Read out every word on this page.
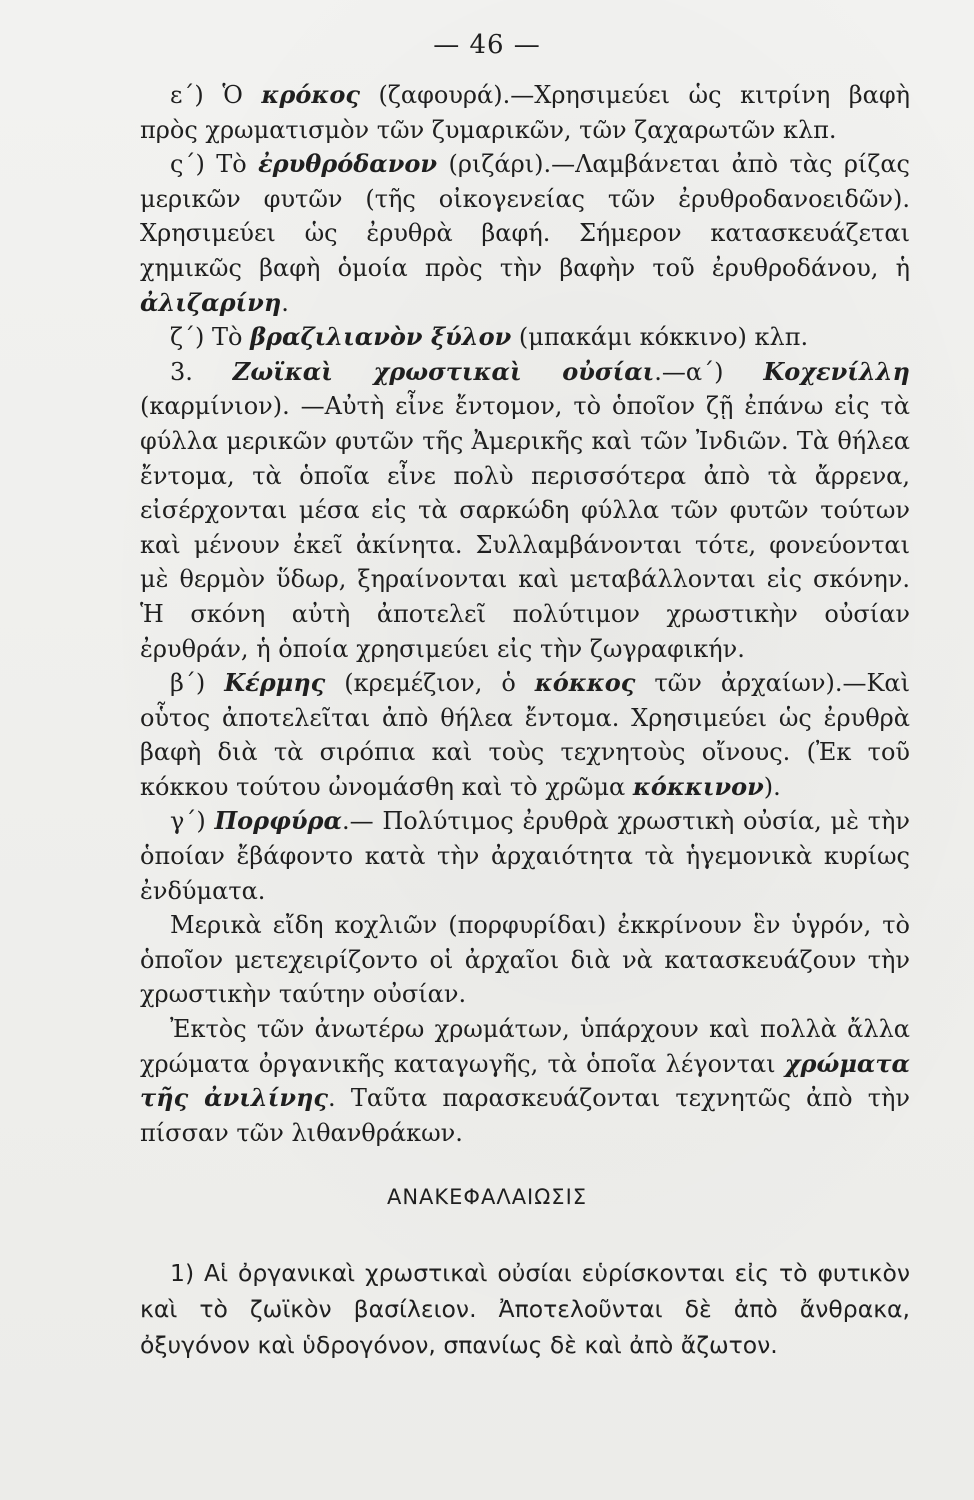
— 46 —

ε΄) Ὁ κρόκος (ζαφουρά).—Χρησιμεύει ὡς κιτρίνη βαφὴ πρὸς χρωματισμὸν τῶν ζυμαρικῶν, τῶν ζαχαρωτῶν κλπ.

ς΄) Τὸ ἐρυθρόδανον (ριζάρι).—Λαμβάνεται ἀπὸ τὰς ρίζας μερικῶν φυτῶν (τῆς οἰκογενείας τῶν ἐρυθροδανοειδῶν). Χρησιμεύει ὡς ἐρυθρὰ βαφή. Σήμερον κατασκευάζεται χημικῶς βαφὴ ὁμοία πρὸς τὴν βαφὴν τοῦ ἐρυθροδάνου, ἡ ἀλιζαρίνη.

ζ΄) Τὸ βραζιλιανὸν ξύλον (μπακάμι κόκκινο) κλπ.

3. Ζωϊκαὶ χρωστικαὶ οὐσίαι.—α΄) Κοχενίλλη (καρμίνιον). —Αὐτὴ εἶνε ἔντομον, τὸ ὁποῖον ζῇ ἐπάνω εἰς τὰ φύλλα μερικῶν φυτῶν τῆς Ἀμερικῆς καὶ τῶν Ἰνδιῶν. Τὰ θήλεα ἔντομα, τὰ ὁποῖα εἶνε πολὺ περισσότερα ἀπὸ τὰ ἄρρενα, εἰσέρχονται μέσα εἰς τὰ σαρκώδη φύλλα τῶν φυτῶν τούτων καὶ μένουν ἐκεῖ ἀκίνητα. Συλλαμβάνονται τότε, φονεύονται μὲ θερμὸν ὕδωρ, ξηραίνονται καὶ μεταβάλλονται εἰς σκόνην. Ἡ σκόνη αὐτὴ ἀποτελεῖ πολύτιμον χρωστικὴν οὐσίαν ἐρυθράν, ἡ ὁποία χρησιμεύει εἰς τὴν ζωγραφικήν.

β΄) Κέρμης (κρεμέζιον, ὁ κόκκος τῶν ἀρχαίων).—Καὶ οὗτος ἀποτελεῖται ἀπὸ θήλεα ἔντομα. Χρησιμεύει ὡς ἐρυθρὰ βαφὴ διὰ τὰ σιρόπια καὶ τοὺς τεχνητοὺς οἴνους. (Ἐκ τοῦ κόκκου τούτου ὠνομάσθη καὶ τὸ χρῶμα κόκκινον).

γ΄) Πορφύρα.— Πολύτιμος ἐρυθρὰ χρωστικὴ οὐσία, μὲ τὴν ὁποίαν ἔβάφοντο κατὰ τὴν ἀρχαιότητα τὰ ἡγεμονικὰ κυρίως ἐνδύματα.

Μερικὰ εἴδη κοχλιῶν (πορφυρίδαι) ἐκκρίνουν ἓν ὑγρόν, τὸ ὁποῖον μετεχειρίζοντο οἱ ἀρχαῖοι διὰ νὰ κατασκευάζουν τὴν χρωστικὴν ταύτην οὐσίαν.

Ἐκτὸς τῶν ἀνωτέρω χρωμάτων, ὑπάρχουν καὶ πολλὰ ἄλλα χρώματα ὀργανικῆς καταγωγῆς, τὰ ὁποῖα λέγονται χρώματα τῆς ἀνιλίνης. Ταῦτα παρασκευάζονται τεχνητῶς ἀπὸ τὴν πίσσαν τῶν λιθανθράκων.

ΑΝΑΚΕΦΑΛΑΙΩΣΙΣ

1) Αἱ ὀργανικαὶ χρωστικαὶ οὐσίαι εὑρίσκονται εἰς τὸ φυτικὸν καὶ τὸ ζωϊκὸν βασίλειον. Ἀποτελοῦνται δὲ ἀπὸ ἄνθρακα, ὀξυγόνον καὶ ὑδρογόνον, σπανίως δὲ καὶ ἀπὸ ἄζωτον.
